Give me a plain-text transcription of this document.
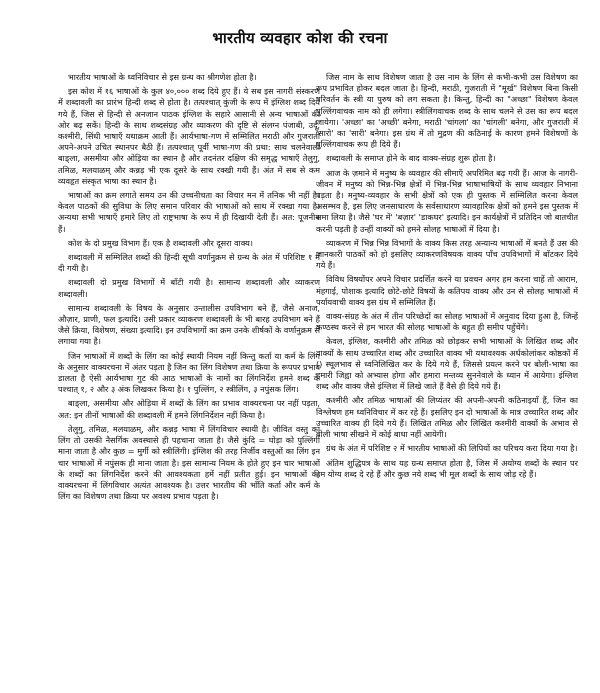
भारतीय व्यवहार कोश की रचना

भारतीय भाषाओं के ध्वनिविचार से इस ग्रन्थ का श्रीगणेश होता है।

इस कोश में १६ भाषाओं के कुल ४०,००० शब्द दिये हुए हैं। ये सब इस नागरी संस्करण में शब्दावली का प्रारंभ हिन्दी शब्द से होता है। तत्पश्चात् कुंजी के रूप में इंग्लिश शब्द दिये गये हैं, जिस से हिन्दी से अनजान पाठक इंग्लिश के सहारे आसानी से अन्य भाषाओं की ओर बढ़ सकें। हिन्दी के साथ शब्दसंग्रह और व्याकरण की दृष्टि से संलग्न पंजाबी, उर्दू, कश्मीरी, सिंधी भाषाएँ यथाक्रम आती हैं। आर्यभाषा-गण में सम्मिलित मराठी और गुजराती अपने-अपने उचित स्थानपर बैठी हैं। तत्पश्चात् पूर्वी भाषा-गण की प्रथा: साथ चलनेवाली बाङ्ला, असमीया और ओड़िया का स्थान है और तदनंतर दक्षिण की समृद्ध भाषाएँ तेलुगु, तमिळ, मलयाळम् और कन्नड़ भी एक दूसरे के साथ रक्खी गयी हैं। अंत में सब से कम व्यवहृत संस्कृत भाषा का स्थान है।

भाषाओं का क्रम लगाते समय उन की उच्चनीचता का विचार मन में तनिक भी नहीं है। केवल पाठकों की सुविधा के लिए समान परिवार की भाषाओं को साथ में रक्खा गया है। अन्यथा सभी भाषाएँ हमारे लिए तो राष्ट्रभाषा के रूप में ही दिखायी देती हैं। अत: पूजनीय हैं।

कोश के दो प्रमुख विभाग हैं। एक है शब्दावली और दूसरा वाक्य।

शब्दावली में सम्मिलित शब्दों की हिन्दी सूची वर्णानुक्रम से ग्रन्थ के अंत में परिशिष्ट १ में दी गयी है।

शब्दावली दो प्रमुख विभागों में बाँटी गयी है। सामान्य शब्दावली और व्याकरण शब्दावली।

सामान्य शब्दावली के विषय के अनुसार उन्तालीस उपविभाग बने हैं, जैसे अनाज, औज़ार, प्राणी, फल इत्यादि। उसी प्रकार व्याकरण शब्दावली के भी बारह उपविभाग बने हैं जैसे क्रिया, विशेषण, संख्या इत्यादि। इन उपविभागों का क्रम उनके शीर्षकों के वर्णानुक्रम से लगाया गया है।

जिन भाषाओं में शब्दों के लिंग का कोई स्थायी नियम नहीं किन्तु कर्ता या कर्म के लिंग के अनुसार वाक्यरचना में अंतर पड़ता है जिन का लिंग विशेषण तथा क्रिया के रूपपर प्रभाव डालता है ऐसी आर्यभाषा गुट की आठ भाषाओं के नामों का लिंगनिर्देश हमने शब्द के पश्चात् १, २ और ३ अंक लिखकर किया है। १ पुल्लिंग, २ स्त्रीलिंग, ३ नपुंसक लिंग।

बाङ्ला, असमीया और ओड़िया में शब्दों के लिंग का प्रभाव वाक्यरचना पर नहीं पड़ता, अत: इन तीनों भाषाओं की शब्दावली में हमने लिंगनिर्देशन नहीं किया है।

तेलुगु, तमिळ, मलयाळम्, और कन्नड़ भाषा में लिंगविचार स्थायी है। जीवित वस्तु का लिंग तो उसकी नैसर्गिक अवस्थासे ही पहचाना जाता है। जैसे कुंदि = घोड़ा को पुल्लिंगी माना जाता है और कुछ = मुर्गी को स्त्रीलिंगी। इंग्लिश की तरह निर्जीव वस्तुओं का लिंग इन चार भाषाओं में नपुंसक ही माना जाता है। इस सामान्य नियम के होते हुए इन चार भाषाओं के शब्दों का लिंगनिर्देश करने की आवश्यकता हमें नहीं प्रतीत हुई। इन भाषाओं की वाक्यरचना में लिंगविचार अत्यंत आवश्यक है। उत्तर भारतीय की भाँति कर्ता और कर्म के लिंग का विशेषण तथा क्रिया पर अवश्य प्रभाव पड़ता है।

जिस नाम के साथ विशेषण जाता है उस नाम के लिंग से कभी-कभी उस विशेषण का रूप प्रभावित होकर बदल जाता है। हिन्दी, मराठी, गुजराती में "मूर्ख" विशेषण बिना किसी परिवर्तन के स्त्री या पुरुष को लग सकता है। किन्तु, हिन्दी का "अच्छा" विशेषण केवल पुल्लिंगवाचक नाम को ही लगेगा। स्त्रीलिंगवाचक शब्द के साथ चलने से उस का रूप बदल जायेगा। 'अच्छा' का 'अच्छी' बनेगा, मराठी 'चांगला' का 'चांगली' बनेगा, और गुजराती में 'सारो' का 'सारी' बनेगा। इस ग्रंथ में तो मुद्रण की कठिनाई के कारण हमने विशेषणों के पुल्लिंगवाचक रूप ही दिये हैं।

शब्दावली के समाप्त होने के बाद वाक्य-संग्रह शुरू होता है।

आज के ज़माने में मनुष्य के व्यवहार की सीमाएँ अपरिमित बढ़ गयी हैं। आज के नागरी-जीवन में मनुष्य को भिन्न-भिन्न क्षेत्रों में भिन्न-भिन्न भाषाभाषियों के साथ व्यवहार निभाना पड़ता है। मनुष्य-व्यवहार के सभी क्षेत्रों को एक ही पुस्तक में सम्मिलित करना केवल असम्भव है, इस लिए जनसाधारण के सर्वसाधारण व्यावहारिक क्षेत्रों को हमने इस पुस्तक में समा लिया है। जैसे 'घर में' 'बज़ार' 'डाकघर' इत्यादि। इन कार्यक्षेत्रों में प्रतिदिन जो बातचीत करनी पड़ती है उन्हीं वाक्यों को हमने सोलह भाषाओं में दिया है।

व्याकरण में भिन्न भिन्न विभागों के वाक्य किस तरह अन्यान्य भाषाओं में बनते हैं उस की जानकारी पाठकों को हो इसलिए व्याकरणविषयक वाक्य पाँच उपविभागों में बाँटकर दिये गये हैं।

विविध विषयोंपर अपने विचार प्रदर्शित करने या प्रवचन अगर हम करना चाहें तो आराम, मंहगाई, पोशाक इत्यादि छोटे-छोटे विषयों के कतिपय वाक्य और उन से सोलह भाषाओं में पर्यायवाची वाक्य इस ग्रंथ में सम्मिलित हैं।

वाक्य-संग्रह के अंत में तीन परिच्छेदों का सोलह भाषाओं में अनुवाद दिया हुआ है, जिन्हें कण्ठस्थ करने से हम भारत की सोलह भाषाओं के बहुत ही समीप पहुँचेंगे।

केवल, इंग्लिश, कश्मीरी और तमिळ को छोड़कर सभी भाषाओं के लिखित शब्द और वाक्यों के साथ उच्चारित शब्द और उच्चारित वाक्य भी यथावश्यक अर्धकोलांकर कोष्ठकों में () स्थूलभाव से ध्वनिलिखित कर के दिये गये हैं, जिससे प्रयत्न करने पर बोली-भाषा का हमारी जिह्वा को अभ्यास होगा और हमारा मन्तव्य सुननेवाले के ध्यान में आयेगा। इंग्लिश शब्द और वाक्य जैसे इंग्लिश में लिखे जाते हैं वैसे ही दिये गये हैं।

कश्मीरी और तमिळ भाषाओं की लिप्यंतर की अपनी-अपनी कठिनाइयाँ हैं, जिन का विश्लेषण हम ध्वनिविचार में कर रहे हैं। इसलिए इन दो भाषाओं के मात्र उच्चारित शब्द और उच्चारित वाक्य ही दिये गये हैं। लिखित तमिळ और लिखित कश्मीरी वाक्यों के अभाव से बोली भाषा सीखने में कोई बाधा नहीं आयेगी।

ग्रंथ के अंत में परिशिष्ट २ में भारतीय भाषाओं की लिपियों का परिचय करा दिया गया है।

अंतिम शुद्धिपत्र के साथ यह ग्रन्थ समाप्त होता है, जिस में अयोग्य शब्दों के स्थान पर हम योग्य शब्द दे रहे हैं और कुछ नये शब्द भी मूल शब्दों के साथ जोड़ रहे हैं।
